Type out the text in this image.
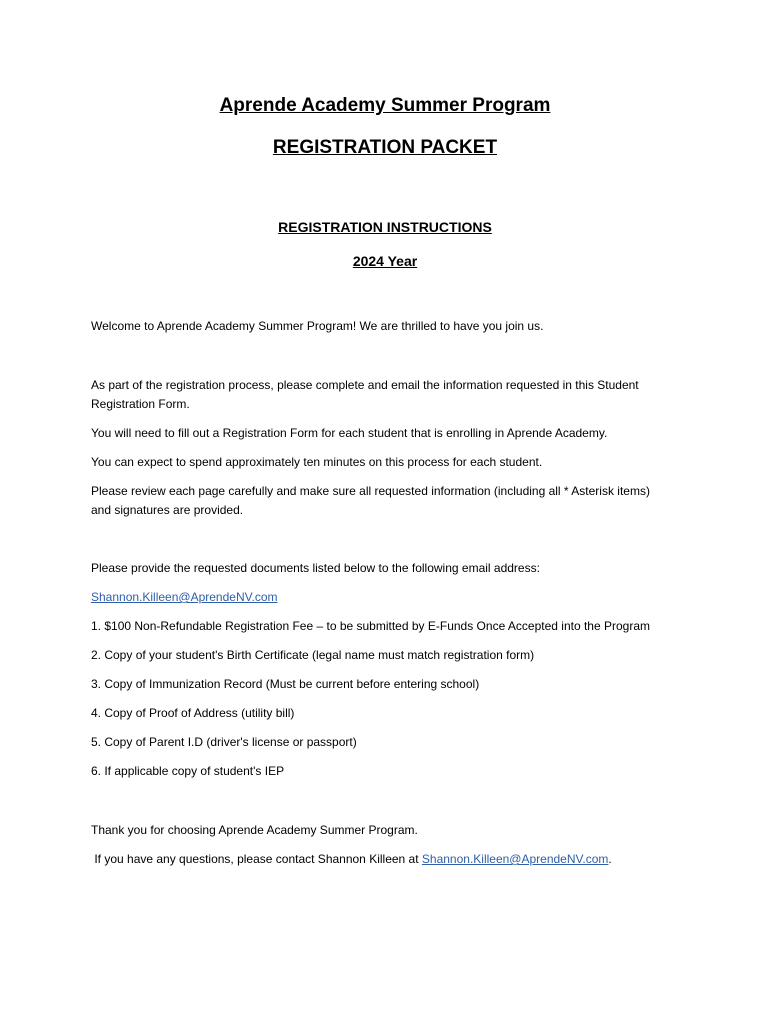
Aprende Academy Summer Program
REGISTRATION PACKET
REGISTRATION INSTRUCTIONS
2024 Year
Welcome to Aprende Academy Summer Program! We are thrilled to have you join us.
As part of the registration process, please complete and email the information requested in this Student Registration Form.
You will need to fill out a Registration Form for each student that is enrolling in Aprende Academy.
You can expect to spend approximately ten minutes on this process for each student.
Please review each page carefully and make sure all requested information (including all * Asterisk items) and signatures are provided.
Please provide the requested documents listed below to the following email address:
Shannon.Killeen@AprendeNV.com
1. $100 Non-Refundable Registration Fee – to be submitted by E-Funds Once Accepted into the Program
2. Copy of your student's Birth Certificate (legal name must match registration form)
3. Copy of Immunization Record (Must be current before entering school)
4. Copy of Proof of Address (utility bill)
5. Copy of Parent I.D (driver's license or passport)
6. If applicable copy of student's IEP
Thank you for choosing Aprende Academy Summer Program.
If you have any questions, please contact Shannon Killeen at Shannon.Killeen@AprendeNV.com.
